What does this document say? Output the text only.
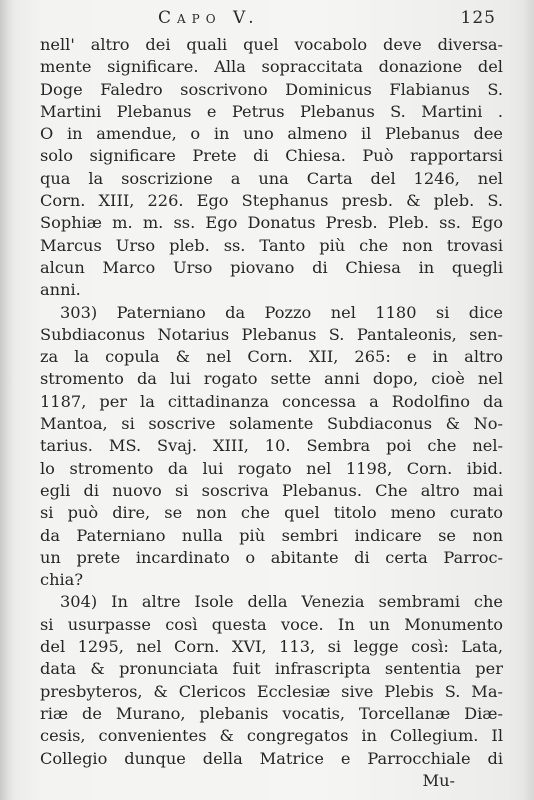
Capo V.	125
nell' altro dei quali quel vocabolo deve diversa-
mente significare. Alla sopraccitata donazione del
Doge Faledro soscrivono Dominicus Flabianus S.
Martini Plebanus e Petrus Plebanus S. Martini .
O in amendue, o in uno almeno il Plebanus dee
solo significare Prete di Chiesa. Può rapportarsi
qua la soscrizione a una Carta del 1246, nel
Corn. XIII, 226. Ego Stephanus presb. & pleb. S.
Sophiæ m. m. ss. Ego Donatus Presb. Pleb. ss. Ego
Marcus Urso pleb. ss. Tanto più che non trovasi
alcun Marco Urso piovano di Chiesa in quegli
anni.
303) Paterniano da Pozzo nel 1180 si dice
Subdiaconus Notarius Plebanus S. Pantaleonis, sen-
za la copula & nel Corn. XII, 265: e in altro
stromento da lui rogato sette anni dopo, cioè nel
1187, per la cittadinanza concessa a Rodolfino da
Mantoa, si soscrive solamente Subdiaconus & No-
tarius. MS. Svaj. XIII, 10. Sembra poi che nel-
lo stromento da lui rogato nel 1198, Corn. ibid.
egli di nuovo si soscriva Plebanus. Che altro mai
si può dire, se non che quel titolo meno curato
da Paterniano nulla più sembri indicare se non
un prete incardinato o abitante di certa Parroc-
chia?
304) In altre Isole della Venezia sembrami che
si usurpasse così questa voce. In un Monumento
del 1295, nel Corn. XVI, 113, si legge così: Lata,
data & pronunciata fuit infrascripta sententia per
presbyteros, & Clericos Ecclesiæ sive Plebis S. Ma-
riæ de Murano, plebanis vocatis, Torcellanæ Diæ-
cesis, convenientes & congregatos in Collegium. Il
Collegio dunque della Matrice e Parrocchiale di
Mu-
